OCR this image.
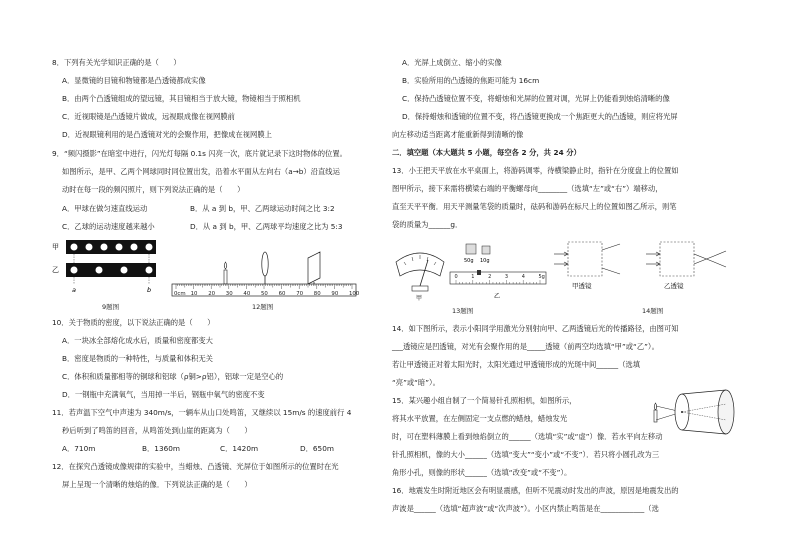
8．下列有关光学知识正确的是（　　）
A．显微镜的目镜和物镜都是凸透镜都成实像
B．由两个凸透镜组成的望远镜，其目镜相当于放大镜，物镜相当于照相机
C．近视眼镜是凸透镜片做成，远视眼成像在视网膜前
D．近视眼镜利用的是凸透镜对光的会聚作用，把像成在视网膜上
9．“频闪摄影”在暗室中进行，闪光灯每隔 0.1s 闪亮一次，底片就记录下这时物体的位置。
如图所示，是甲、乙两个网球同时同位置出发，沿着水平面从左向右（a→b）沿直线运
动时在每一段的频闪照片，则下列说法正确的是（　　）
A．甲球在做匀速直线运动	B．从 a 到 b，甲、乙两球运动时间之比 3:2
C．乙球的运动速度越来越小	D．从 a 到 b，甲、乙两球平均速度之比为 5:3
甲
乙
a	b	0cm 10 20 30 40 50 60 70 80 90 100
9题图	12题图
10．关于物质的密度，以下说法正确的是（　　）
A．一块冰全部熔化成水后，质量和密度都变大
B．密度是物质的一种特性，与质量和体积无关
C．体积和质量都相等的铜球和铝球（ρ铜>ρ铝），铝球一定是空心的
D．一钢瓶中充满氧气，当用掉一半后，钢瓶中氧气的密度不变
11．若声温下空气中声速为 340m/s，一辆车从山口处鸣笛，又继续以 15m/s 的速度前行 4
秒后听到了鸣笛的回音，从鸣笛处到山崖的距离为（　　）
A．710m	B．1360m	C．1420m	D．650m
12．在探究凸透镜成像规律的实验中，当蜡烛、凸透镜、光屏位于如图所示的位置时在光
屏上呈现一个清晰的烛焰的像．下列说法正确的是（　　）
A．光屏上成倒立、缩小的实像
B．实验所用的凸透镜的焦距可能为 16cm
C．保持凸透镜位置不变，将蜡烛和光屏的位置对调，光屏上仍能看到烛焰清晰的像
D．保持蜡烛和透镜的位置不变，将凸透镜更换成一个焦距更大的凸透镜，则应将光屏
向左移动适当距离才能重新得到清晰的像
二．填空题（本大题共 5 小题，每空各 2 分，共 24 分）
13．小王把天平放在水平桌面上，将游码调零，待横梁静止时，指针在分度盘上的位置如
图甲所示，接下来需将横梁右端的平衡螺母向________（选填“左”或“右”）端移动，
直至天平平衡．用天平测量笔袋的质量时，砝码和游码在标尺上的位置如图乙所示，则笔
袋的质量为______g．
甲
50g 10g
0	1	2	3	4	5g
乙
13题图
甲透镜	乙透镜
14题图
14．如下图所示，表示小阳同学用激光分别射向甲、乙两透镜后光的传播路径，由图可知
___透镜应是凹透镜，对光有会聚作用的是_____透镜（前两空均选填“甲”或“乙”）。
若让甲透镜正对着太阳光时，太阳光通过甲透镜形成的光斑中间______（选填
“亮”或“暗”）。
15．某兴趣小组自制了一个简易针孔照相机，如图所示，
将其水平放置，在左侧固定一支点燃的蜡烛，蜡烛发光
时，可在塑料薄膜上看到烛焰倒立的______（选填“实”或“虚”）像．若水平向左移动
针孔照相机，像的大小______（选填“变大”“变小”或“不变”）．若只将小圆孔改为三
角形小孔，则像的形状______（选填“改变”或“不变”）。
16．地震发生时附近地区会有明显震感，但听不见震动时发出的声波，原因是地震发出的
声波是______（选填“超声波”或“次声波”）。小区内禁止鸣笛是在____________（选
